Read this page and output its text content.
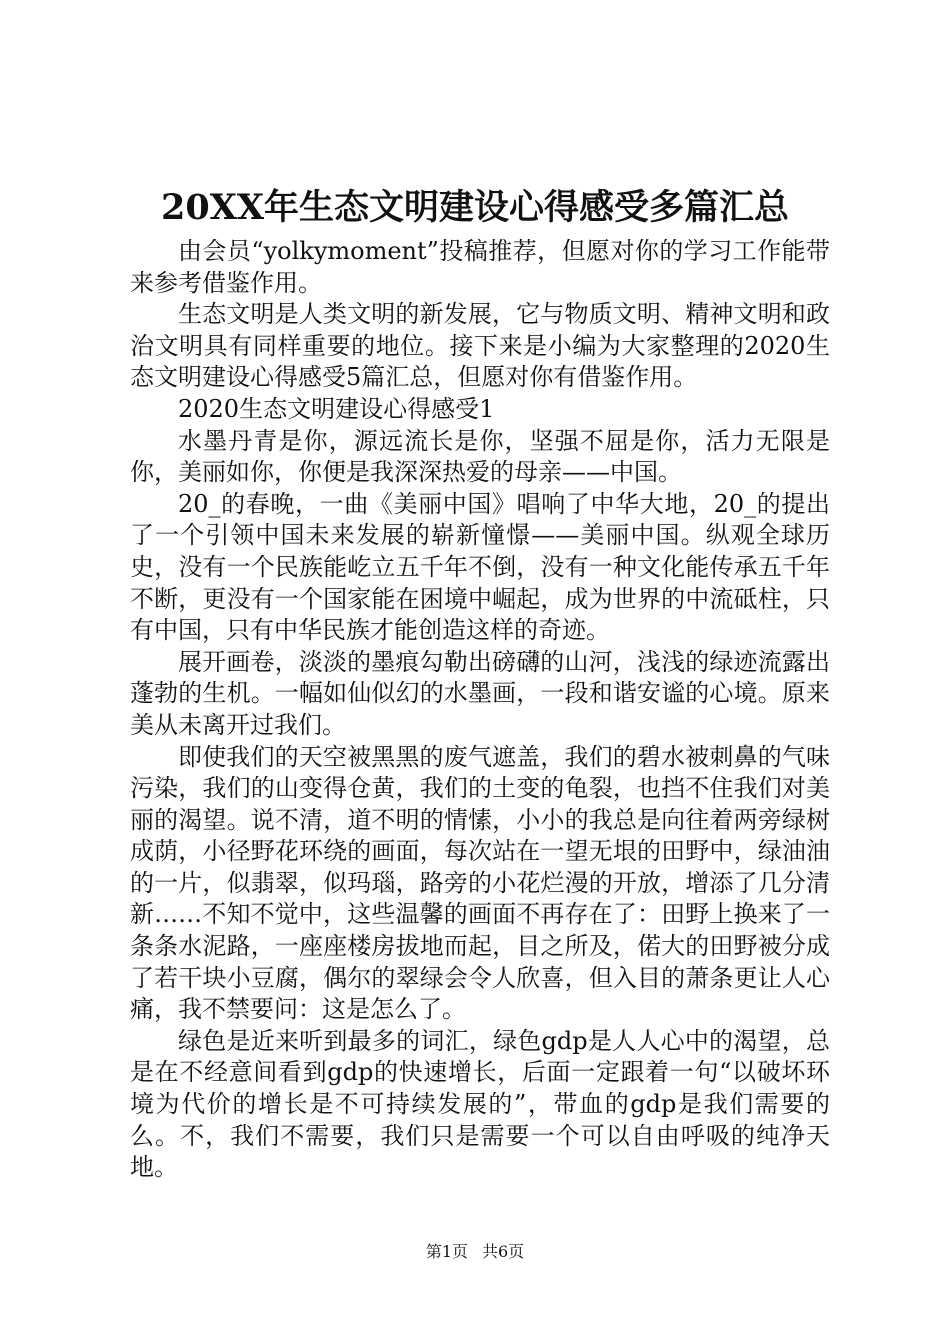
20XX年生态文明建设心得感受多篇汇总

由会员“yolkymoment”投稿推荐，但愿对你的学习工作能带来参考借鉴作用。

生态文明是人类文明的新发展，它与物质文明、精神文明和政治文明具有同样重要的地位。接下来是小编为大家整理的2020生态文明建设心得感受5篇汇总，但愿对你有借鉴作用。

2020生态文明建设心得感受1

水墨丹青是你，源远流长是你，坚强不屈是你，活力无限是你，美丽如你，你便是我深深热爱的母亲——中国。

20_的春晚，一曲《美丽中国》唱响了中华大地，20_的提出了一个引领中国未来发展的崭新憧憬——美丽中国。纵观全球历史，没有一个民族能屹立五千年不倒，没有一种文化能传承五千年不断，更没有一个国家能在困境中崛起，成为世界的中流砥柱，只有中国，只有中华民族才能创造这样的奇迹。

展开画卷，淡淡的墨痕勾勒出磅礴的山河，浅浅的绿迹流露出蓬勃的生机。一幅如仙似幻的水墨画，一段和谐安谧的心境。原来美从未离开过我们。

即使我们的天空被黑黑的废气遮盖，我们的碧水被刺鼻的气味污染，我们的山变得仓黄，我们的土变的龟裂，也挡不住我们对美丽的渴望。说不清，道不明的情愫，小小的我总是向往着两旁绿树成荫，小径野花环绕的画面，每次站在一望无垠的田野中，绿油油的一片，似翡翠，似玛瑙，路旁的小花烂漫的开放，增添了几分清新……不知不觉中，这些温馨的画面不再存在了：田野上换来了一条条水泥路，一座座楼房拔地而起，目之所及，偌大的田野被分成了若干块小豆腐，偶尔的翠绿会令人欣喜，但入目的萧条更让人心痛，我不禁要问：这是怎么了。

绿色是近来听到最多的词汇，绿色gdp是人人心中的渴望，总是在不经意间看到gdp的快速增长，后面一定跟着一句“以破坏环境为代价的增长是不可持续发展的”，带血的gdp是我们需要的么。不，我们不需要，我们只是需要一个可以自由呼吸的纯净天地。

第1页 共6页
